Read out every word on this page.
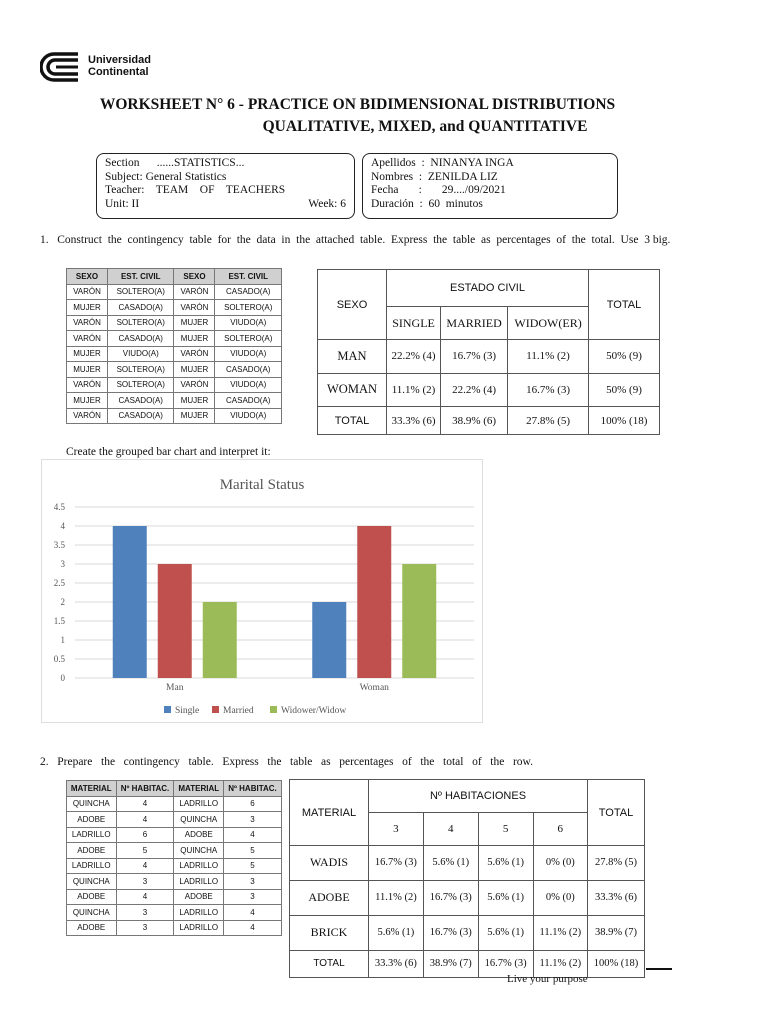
Universidad
Continental
WORKSHEET N° 6 - PRACTICE ON BIDIMENSIONAL DISTRIBUTIONS
QUALITATIVE, MIXED, and QUANTITATIVE
Section      ......STATISTICS...
Subject: General Statistics
Teacher:    TEAM    OF    TEACHERS
Unit: II	Week: 6
Apellidos  :  NINANYA INGA
Nombres  :  ZENILDA LIZ
Fecha       :       29..../09/2021
Duración  :  60  minutos
1.   Construct  the  contingency  table  for  the  data  in  the  attached  table.  Express  the  table  as  percentages  of  the  total.  Use  3 big.
SEXO	EST. CIVIL	SEXO	EST. CIVIL
VARÓN	SOLTERO(A)	VARÓN	CASADO(A)
MUJER	CASADO(A)	VARÓN	SOLTERO(A)
VARÓN	SOLTERO(A)	MUJER	VIUDO(A)
VARÓN	CASADO(A)	MUJER	SOLTERO(A)
MUJER	VIUDO(A)	VARÓN	VIUDO(A)
MUJER	SOLTERO(A)	MUJER	CASADO(A)
VARÓN	SOLTERO(A)	VARÓN	VIUDO(A)
MUJER	CASADO(A)	MUJER	CASADO(A)
VARÓN	CASADO(A)	MUJER	VIUDO(A)
SEXO	ESTADO CIVIL			TOTAL
	SINGLE	MARRIED	WIDOW(ER)	
MAN	22.2% (4)	16.7% (3)	11.1% (2)	50% (9)
WOMAN	11.1% (2)	22.2% (4)	16.7% (3)	50% (9)
TOTAL	33.3% (6)	38.9% (6)	27.8% (5)	100% (18)
Create the grouped bar chart and interpret it:
Marital Status
0
0.5
1
1.5
2
2.5
3
3.5
4
4.5
Man	Woman
Single Married	Widower/Widow
2.   Prepare   the   contingency   table.   Express   the   table   as   percentages   of   the   total   of   the   row.
MATERIAL	Nº HABITAC.	MATERIAL	Nº HABITAC.
QUINCHA	4	LADRILLO	6
ADOBE	4	QUINCHA	3
LADRILLO	6	ADOBE	4
ADOBE	5	QUINCHA	5
LADRILLO	4	LADRILLO	5
QUINCHA	3	LADRILLO	3
ADOBE	4	ADOBE	3
QUINCHA	3	LADRILLO	4
ADOBE	3	LADRILLO	4
MATERIAL	Nº HABITACIONES				TOTAL
	3	4	5	6	
WADIS	16.7% (3)	5.6% (1)	5.6% (1)	0% (0)	27.8% (5)
ADOBE	11.1% (2)	16.7% (3)	5.6% (1)	0% (0)	33.3% (6)
BRICK	5.6% (1)	16.7% (3)	5.6% (1)	11.1% (2)	38.9% (7)
TOTAL	33.3% (6)	38.9% (7)	16.7% (3)	11.1% (2)	100% (18)
Live your purpose
